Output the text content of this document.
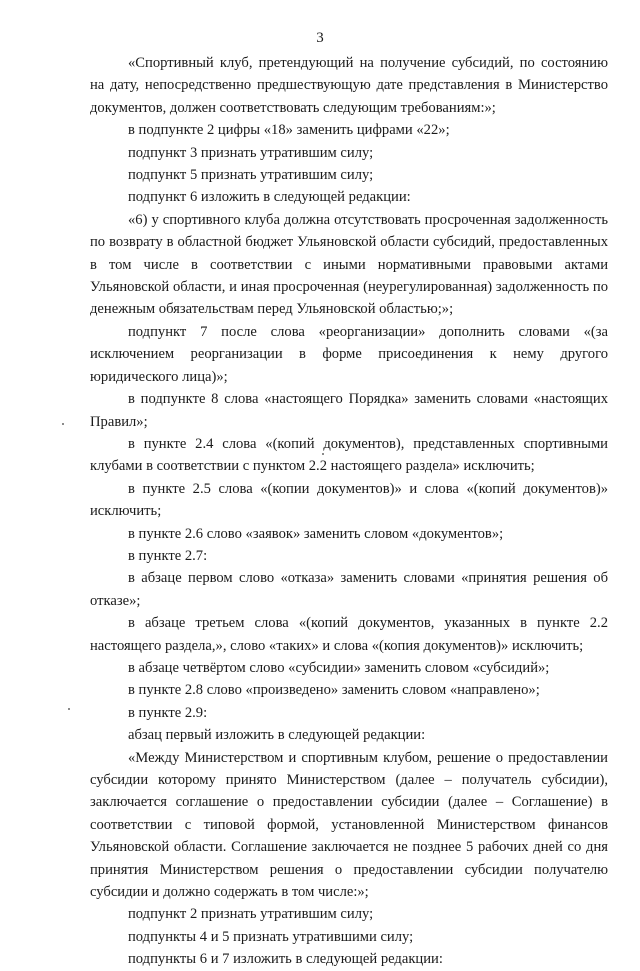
3

«Спортивный клуб, претендующий на получение субсидий, по состоянию на дату, непосредственно предшествующую дате представления в Министерство документов, должен соответствовать следующим требованиям:»;

в подпункте 2 цифры «18» заменить цифрами «22»;

подпункт 3 признать утратившим силу;

подпункт 5 признать утратившим силу;

подпункт 6 изложить в следующей редакции:

«6) у спортивного клуба должна отсутствовать просроченная задолженность по возврату в областной бюджет Ульяновской области субсидий, предоставленных в том числе в соответствии с иными нормативными правовыми актами Ульяновской области, и иная просроченная (неурегулированная) задолженность по денежным обязательствам перед Ульяновской областью;»;

подпункт 7 после слова «реорганизации» дополнить словами «(за исключением реорганизации в форме присоединения к нему другого юридического лица)»;

в подпункте 8 слова «настоящего Порядка» заменить словами «настоящих Правил»;

в пункте 2.4 слова «(копий документов), представленных спортивными клубами в соответствии с пунктом 2.2 настоящего раздела» исключить;

в пункте 2.5 слова «(копии документов)» и слова «(копий документов)» исключить;

в пункте 2.6 слово «заявок» заменить словом «документов»;

в пункте 2.7:

в абзаце первом слово «отказа» заменить словами «принятия решения об отказе»;

в абзаце третьем слова «(копий документов, указанных в пункте 2.2 настоящего раздела,», слово «таких» и слова «(копия документов)» исключить;

в абзаце четвёртом слово «субсидии» заменить словом «субсидий»;

в пункте 2.8 слово «произведено» заменить словом «направлено»;

в пункте 2.9:

абзац первый изложить в следующей редакции:

«Между Министерством и спортивным клубом, решение о предоставлении субсидии которому принято Министерством (далее – получатель субсидии), заключается соглашение о предоставлении субсидии (далее – Соглашение) в соответствии с типовой формой, установленной Министерством финансов Ульяновской области. Соглашение заключается не позднее 5 рабочих дней со дня принятия Министерством решения о предоставлении субсидии получателю субсидии и должно содержать в том числе:»;

подпункт 2 признать утратившим силу;

подпункты 4 и 5 признать утратившими силу;

подпункты 6 и 7 изложить в следующей редакции:
